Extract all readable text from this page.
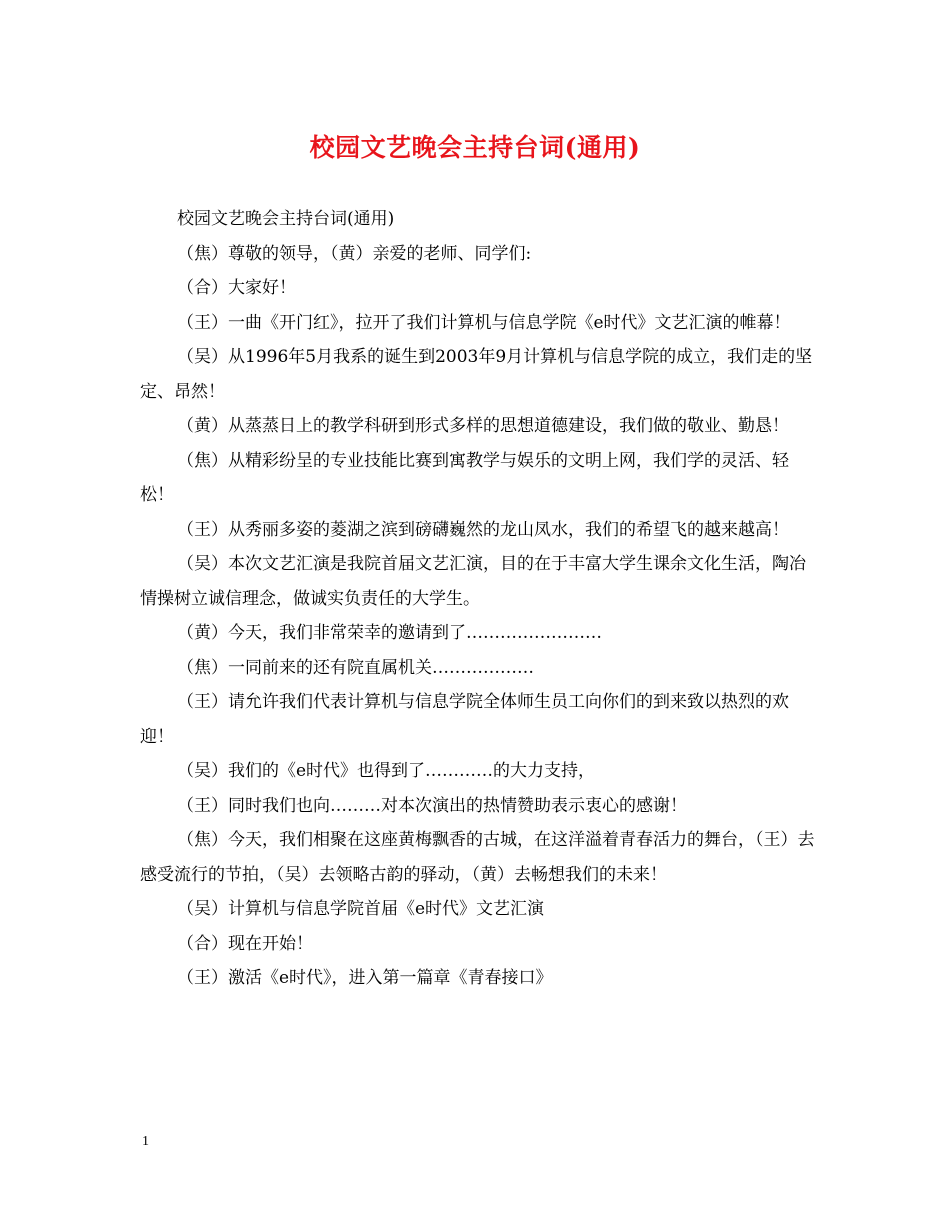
校园文艺晚会主持台词(通用)

校园文艺晚会主持台词(通用)

（焦）尊敬的领导，（黄）亲爱的老师、同学们:

（合）大家好！

（王）一曲《开门红》，拉开了我们计算机与信息学院《e时代》文艺汇演的帷幕！

（吴）从1996年5月我系的诞生到2003年9月计算机与信息学院的成立，我们走的坚定、昂然！

（黄）从蒸蒸日上的教学科研到形式多样的思想道德建设，我们做的敬业、勤恳！

（焦）从精彩纷呈的专业技能比赛到寓教学与娱乐的文明上网，我们学的灵活、轻松！

（王）从秀丽多姿的菱湖之滨到磅礴巍然的龙山凤水，我们的希望飞的越来越高！

（吴）本次文艺汇演是我院首届文艺汇演，目的在于丰富大学生课余文化生活，陶冶情操树立诚信理念，做诚实负责任的大学生。

（黄）今天，我们非常荣幸的邀请到了……………………

（焦）一同前来的还有院直属机关………………

（王）请允许我们代表计算机与信息学院全体师生员工向你们的到来致以热烈的欢迎！

（吴）我们的《e时代》也得到了…………的大力支持，

（王）同时我们也向………对本次演出的热情赞助表示衷心的感谢！

（焦）今天，我们相聚在这座黄梅飘香的古城，在这洋溢着青春活力的舞台，（王）去感受流行的节拍，（吴）去领略古韵的驿动，（黄）去畅想我们的未来！

（吴）计算机与信息学院首届《e时代》文艺汇演

（合）现在开始！

（王）激活《e时代》，进入第一篇章《青春接口》

1
